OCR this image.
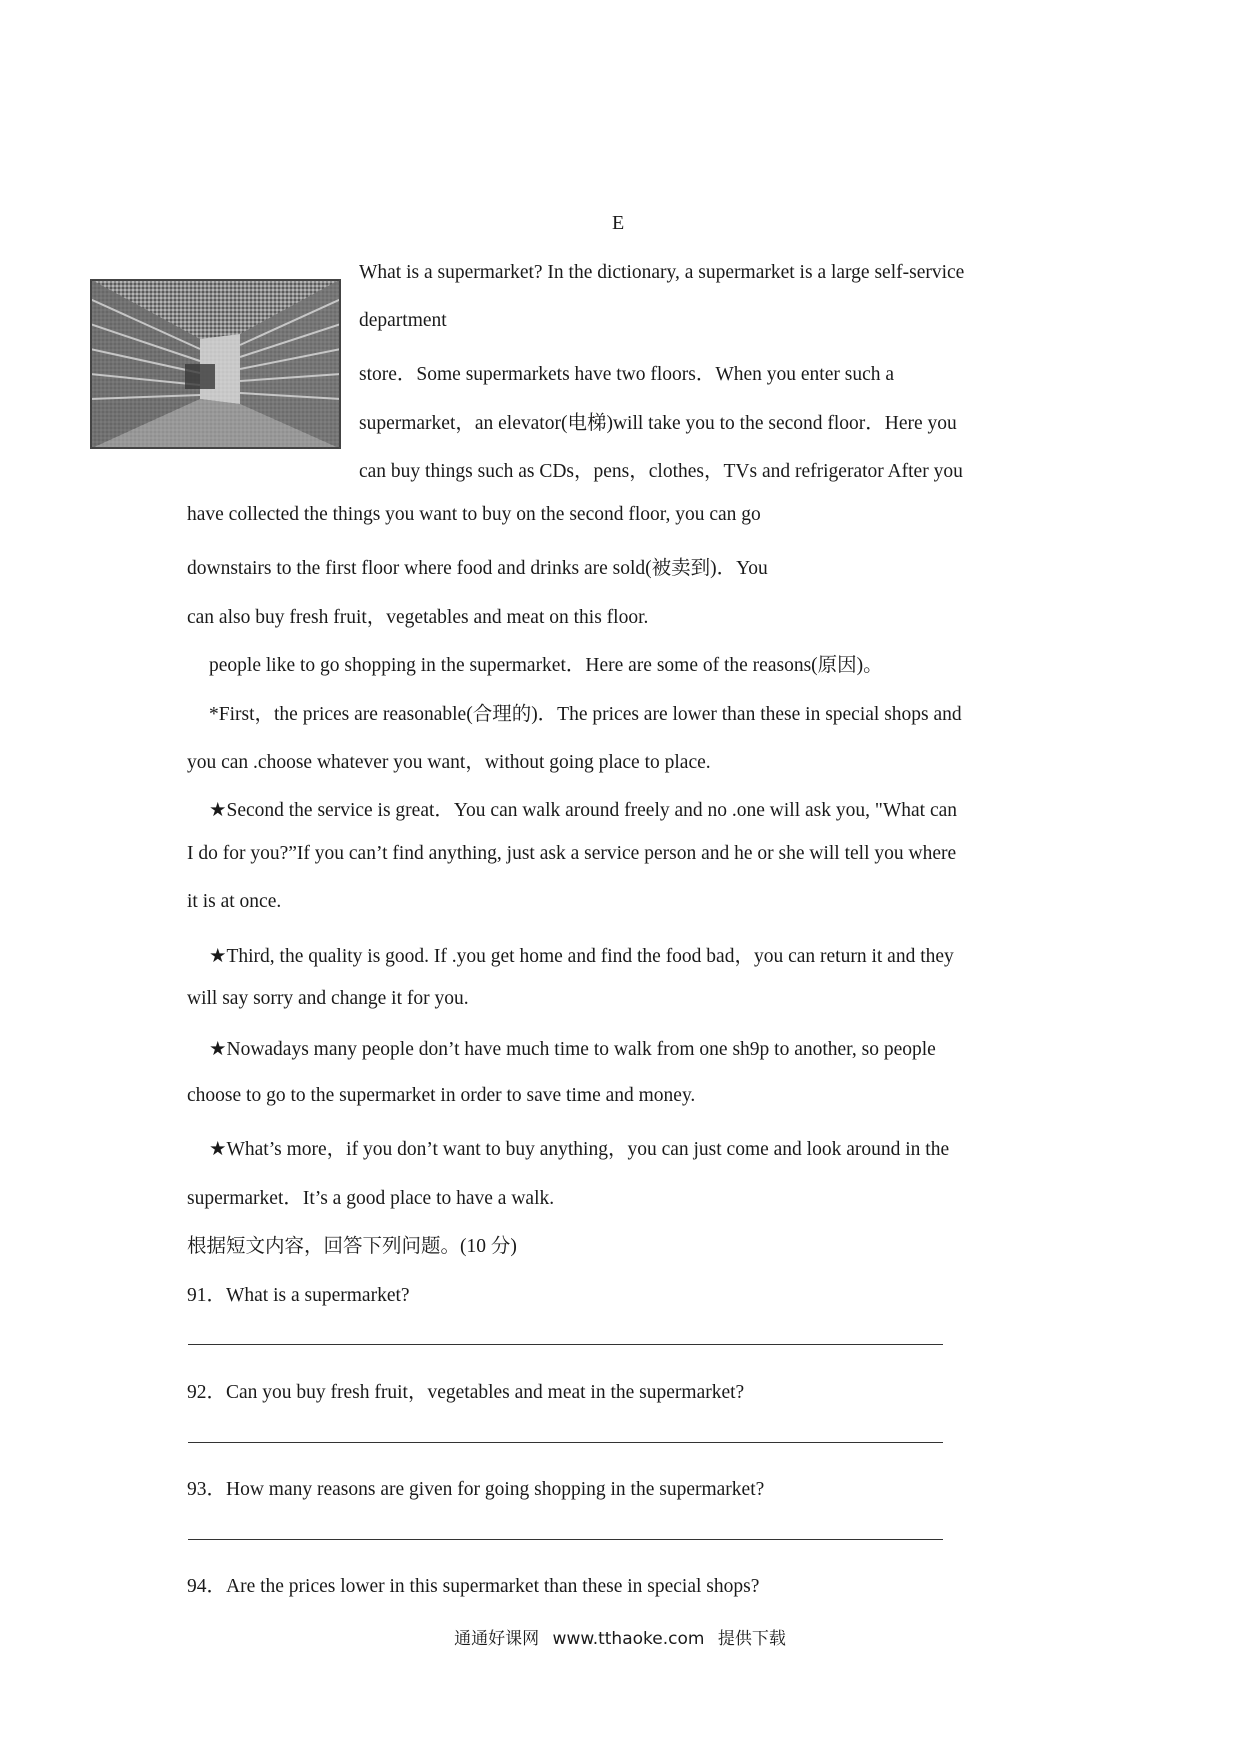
E
What is a supermarket? In the dictionary, a supermarket is a large self-service
department
store．Some supermarkets have two floors．When you enter such a
supermarket，an elevator(电梯)will take you to the second floor．Here you
can buy things such as CDs，pens，clothes，TVs and refrigerator After you
have collected the things you want to buy on the second floor, you can go
downstairs to the first floor where food and drinks are sold(被卖到)．You
can also buy fresh fruit，vegetables and meat on this floor.
people like to go shopping in the supermarket．Here are some of the reasons(原因)。
*First，the prices are reasonable(合理的)．The prices are lower than these in special shops and
you can .choose whatever you want，without going place to place.
★Second the service is great．You can walk around freely and no .one will ask you, "What can
I do for you?”If you can’t find anything, just ask a service person and he or she will tell you where
it is at once.
★Third, the quality is good. If .you get home and find the food bad，you can return it and they
will say sorry and change it for you.
★Nowadays many people don’t have much time to walk from one sh9p to another, so people
choose to go to the supermarket in order to save time and money.
★What’s more，if you don’t want to buy anything，you can just come and look around in the
supermarket．It’s a good place to have a walk.
根据短文内容，回答下列问题。(10 分)
91．What is a supermarket?
92．Can you buy fresh fruit，vegetables and meat in the supermarket?
93．How many reasons are given for going shopping in the supermarket?
94．Are the prices lower in this supermarket than these in special shops?
通通好课网 www.tthaoke.com 提供下载
